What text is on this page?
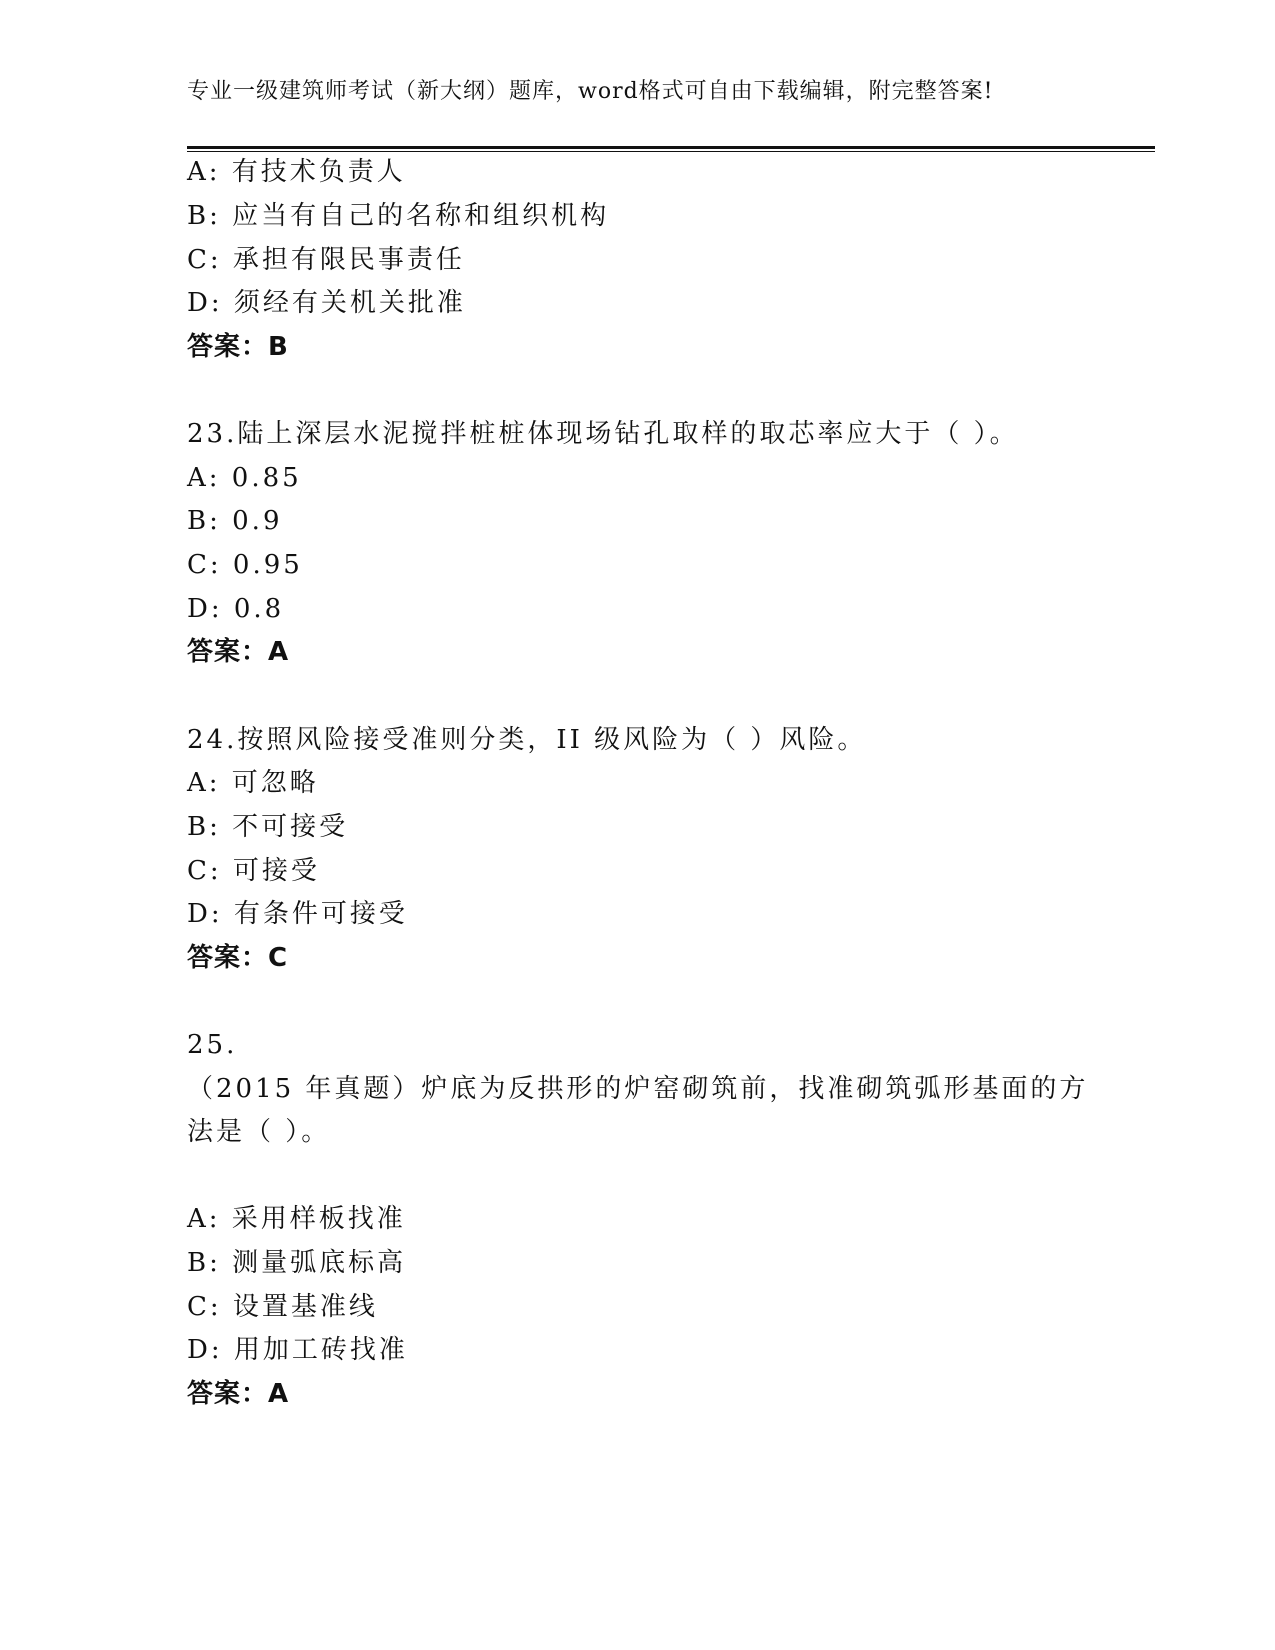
专业一级建筑师考试（新大纲）题库，word格式可自由下载编辑，附完整答案!
A: 有技术负责人
B: 应当有自己的名称和组织机构
C: 承担有限民事责任
D: 须经有关机关批准
答案：B
23.陆上深层水泥搅拌桩桩体现场钻孔取样的取芯率应大于（ ）。
A: 0.85
B: 0.9
C: 0.95
D: 0.8
答案：A
24.按照风险接受准则分类，II 级风险为（ ）风险。
A: 可忽略
B: 不可接受
C: 可接受
D: 有条件可接受
答案：C
25.
（2015 年真题）炉底为反拱形的炉窑砌筑前，找准砌筑弧形基面的方
法是（ ）。
A: 采用样板找准
B: 测量弧底标高
C: 设置基准线
D: 用加工砖找准
答案：A
